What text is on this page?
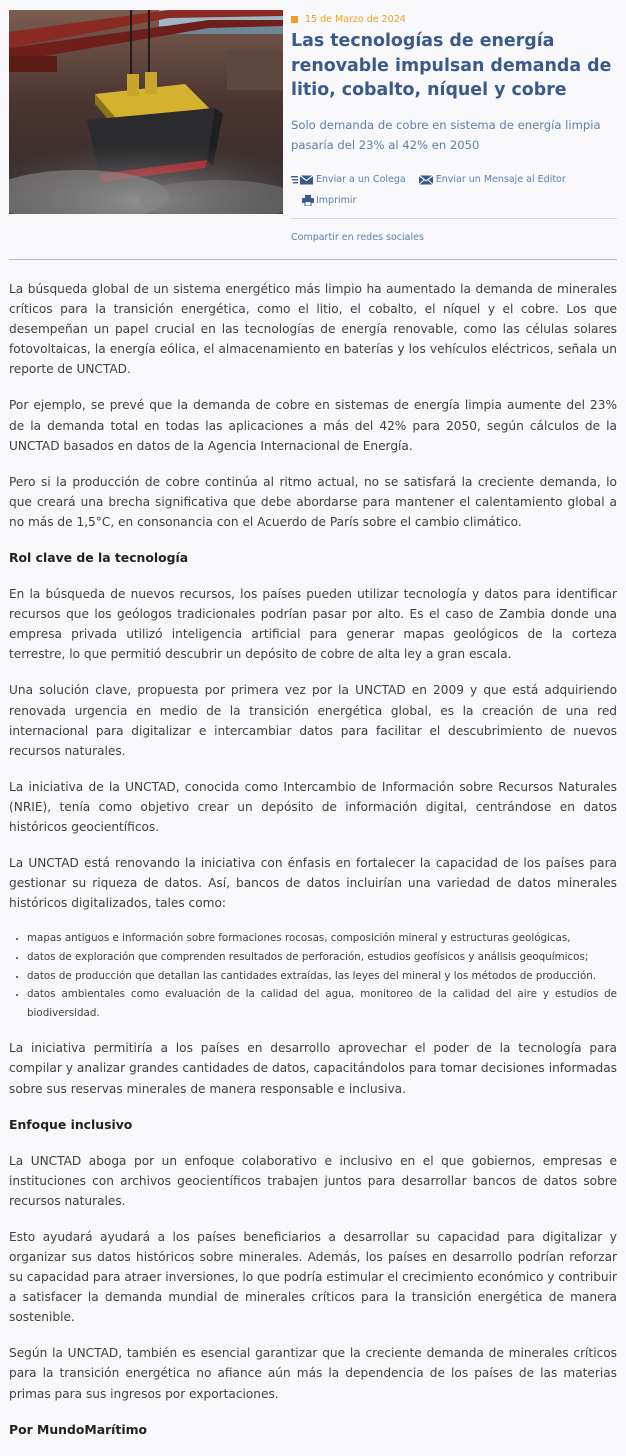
15 de Marzo de 2024
Las tecnologías de energía renovable impulsan demanda de litio, cobalto, níquel y cobre
Solo demanda de cobre en sistema de energía limpia pasaría del 23% al 42% en 2050
Enviar a un Colega
	Enviar un Mensaje al Editor

Imprimir
Compartir en redes sociales

La búsqueda global de un sistema energético más limpio ha aumentado la demanda de minerales críticos para la transición energética, como el litio, el cobalto, el níquel y el cobre. Los que desempeñan un papel crucial en las tecnologías de energía renovable, como las células solares fotovoltaicas, la energía eólica, el almacenamiento en baterías y los vehículos eléctricos, señala un reporte de UNCTAD.

Por ejemplo, se prevé que la demanda de cobre en sistemas de energía limpia aumente del 23% de la demanda total en todas las aplicaciones a más del 42% para 2050, según cálculos de la UNCTAD basados en datos de la Agencia Internacional de Energía.

Pero si la producción de cobre continúa al ritmo actual, no se satisfará la creciente demanda, lo que creará una brecha significativa que debe abordarse para mantener el calentamiento global a no más de 1,5°C, en consonancia con el Acuerdo de París sobre el cambio climático.

Rol clave de la tecnología

En la búsqueda de nuevos recursos, los países pueden utilizar tecnología y datos para identificar recursos que los geólogos tradicionales podrían pasar por alto. Es el caso de Zambia donde una empresa privada utilizó inteligencia artificial para generar mapas geológicos de la corteza terrestre, lo que permitió descubrir un depósito de cobre de alta ley a gran escala.

Una solución clave, propuesta por primera vez por la UNCTAD en 2009 y que está adquiriendo renovada urgencia en medio de la transición energética global, es la creación de una red internacional para digitalizar e intercambiar datos para facilitar el descubrimiento de nuevos recursos naturales.

La iniciativa de la UNCTAD, conocida como Intercambio de Información sobre Recursos Naturales (NRIE), tenía como objetivo crear un depósito de información digital, centrándose en datos históricos geocientíficos.

La UNCTAD está renovando la iniciativa con énfasis en fortalecer la capacidad de los países para gestionar su riqueza de datos. Así, bancos de datos incluirían una variedad de datos minerales históricos digitalizados, tales como:

• mapas antiguos e información sobre formaciones rocosas, composición mineral y estructuras geológicas,
• datos de exploración que comprenden resultados de perforación, estudios geofísicos y análisis geoquímicos;
• datos de producción que detallan las cantidades extraídas, las leyes del mineral y los métodos de producción.
• datos ambientales como evaluación de la calidad del agua, monitoreo de la calidad del aire y estudios de biodiversidad.

La iniciativa permitiría a los países en desarrollo aprovechar el poder de la tecnología para compilar y analizar grandes cantidades de datos, capacitándolos para tomar decisiones informadas sobre sus reservas minerales de manera responsable e inclusiva.

Enfoque inclusivo

La UNCTAD aboga por un enfoque colaborativo e inclusivo en el que gobiernos, empresas e instituciones con archivos geocientíficos trabajen juntos para desarrollar bancos de datos sobre recursos naturales.

Esto ayudará ayudará a los países beneficiarios a desarrollar su capacidad para digitalizar y organizar sus datos históricos sobre minerales. Además, los países en desarrollo podrían reforzar su capacidad para atraer inversiones, lo que podría estimular el crecimiento económico y contribuir a satisfacer la demanda mundial de minerales críticos para la transición energética de manera sostenible.

Según la UNCTAD, también es esencial garantizar que la creciente demanda de minerales críticos para la transición energética no afiance aún más la dependencia de los países de las materias primas para sus ingresos por exportaciones.

Por MundoMarítimo
